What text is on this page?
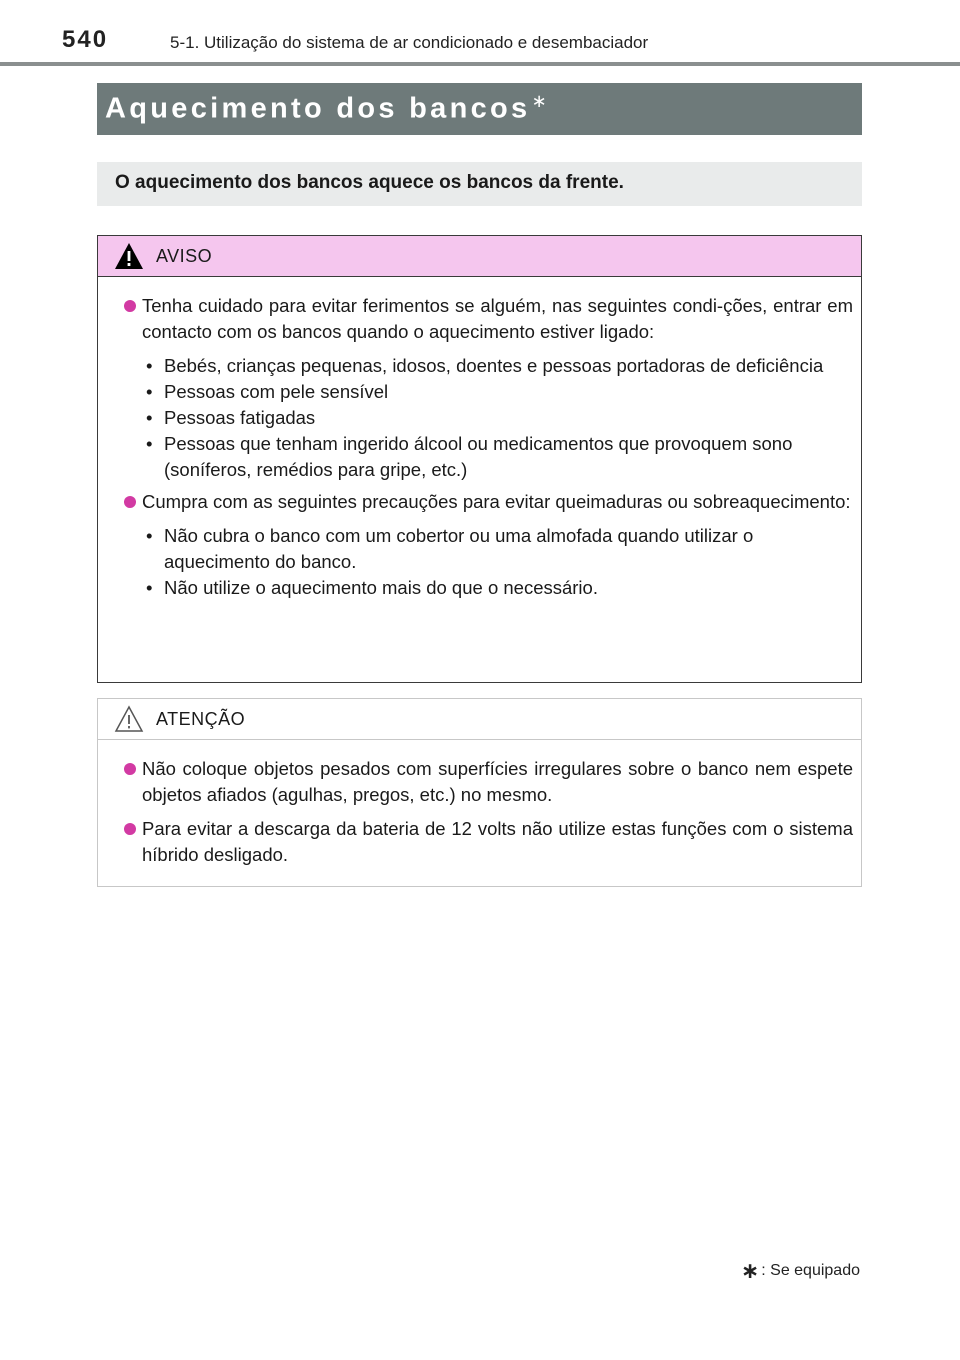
540	5-1. Utilização do sistema de ar condicionado e desembaciador
Aquecimento dos bancos∗
O aquecimento dos bancos aquece os bancos da frente.
AVISO
Tenha cuidado para evitar ferimentos se alguém, nas seguintes condi-ções, entrar em contacto com os bancos quando o aquecimento estiver ligado:
• Bebés, crianças pequenas, idosos, doentes e pessoas portadoras de deficiência
• Pessoas com pele sensível
• Pessoas fatigadas
• Pessoas que tenham ingerido álcool ou medicamentos que provoquem sono (soníferos, remédios para gripe, etc.)
Cumpra com as seguintes precauções para evitar queimaduras ou sobreaquecimento:
• Não cubra o banco com um cobertor ou uma almofada quando utilizar o aquecimento do banco.
• Não utilize o aquecimento mais do que o necessário.
ATENÇÃO
Não coloque objetos pesados com superfícies irregulares sobre o banco nem espete objetos afiados (agulhas, pregos, etc.) no mesmo.
Para evitar a descarga da bateria de 12 volts não utilize estas funções com o sistema híbrido desligado.
∗ : Se equipado
